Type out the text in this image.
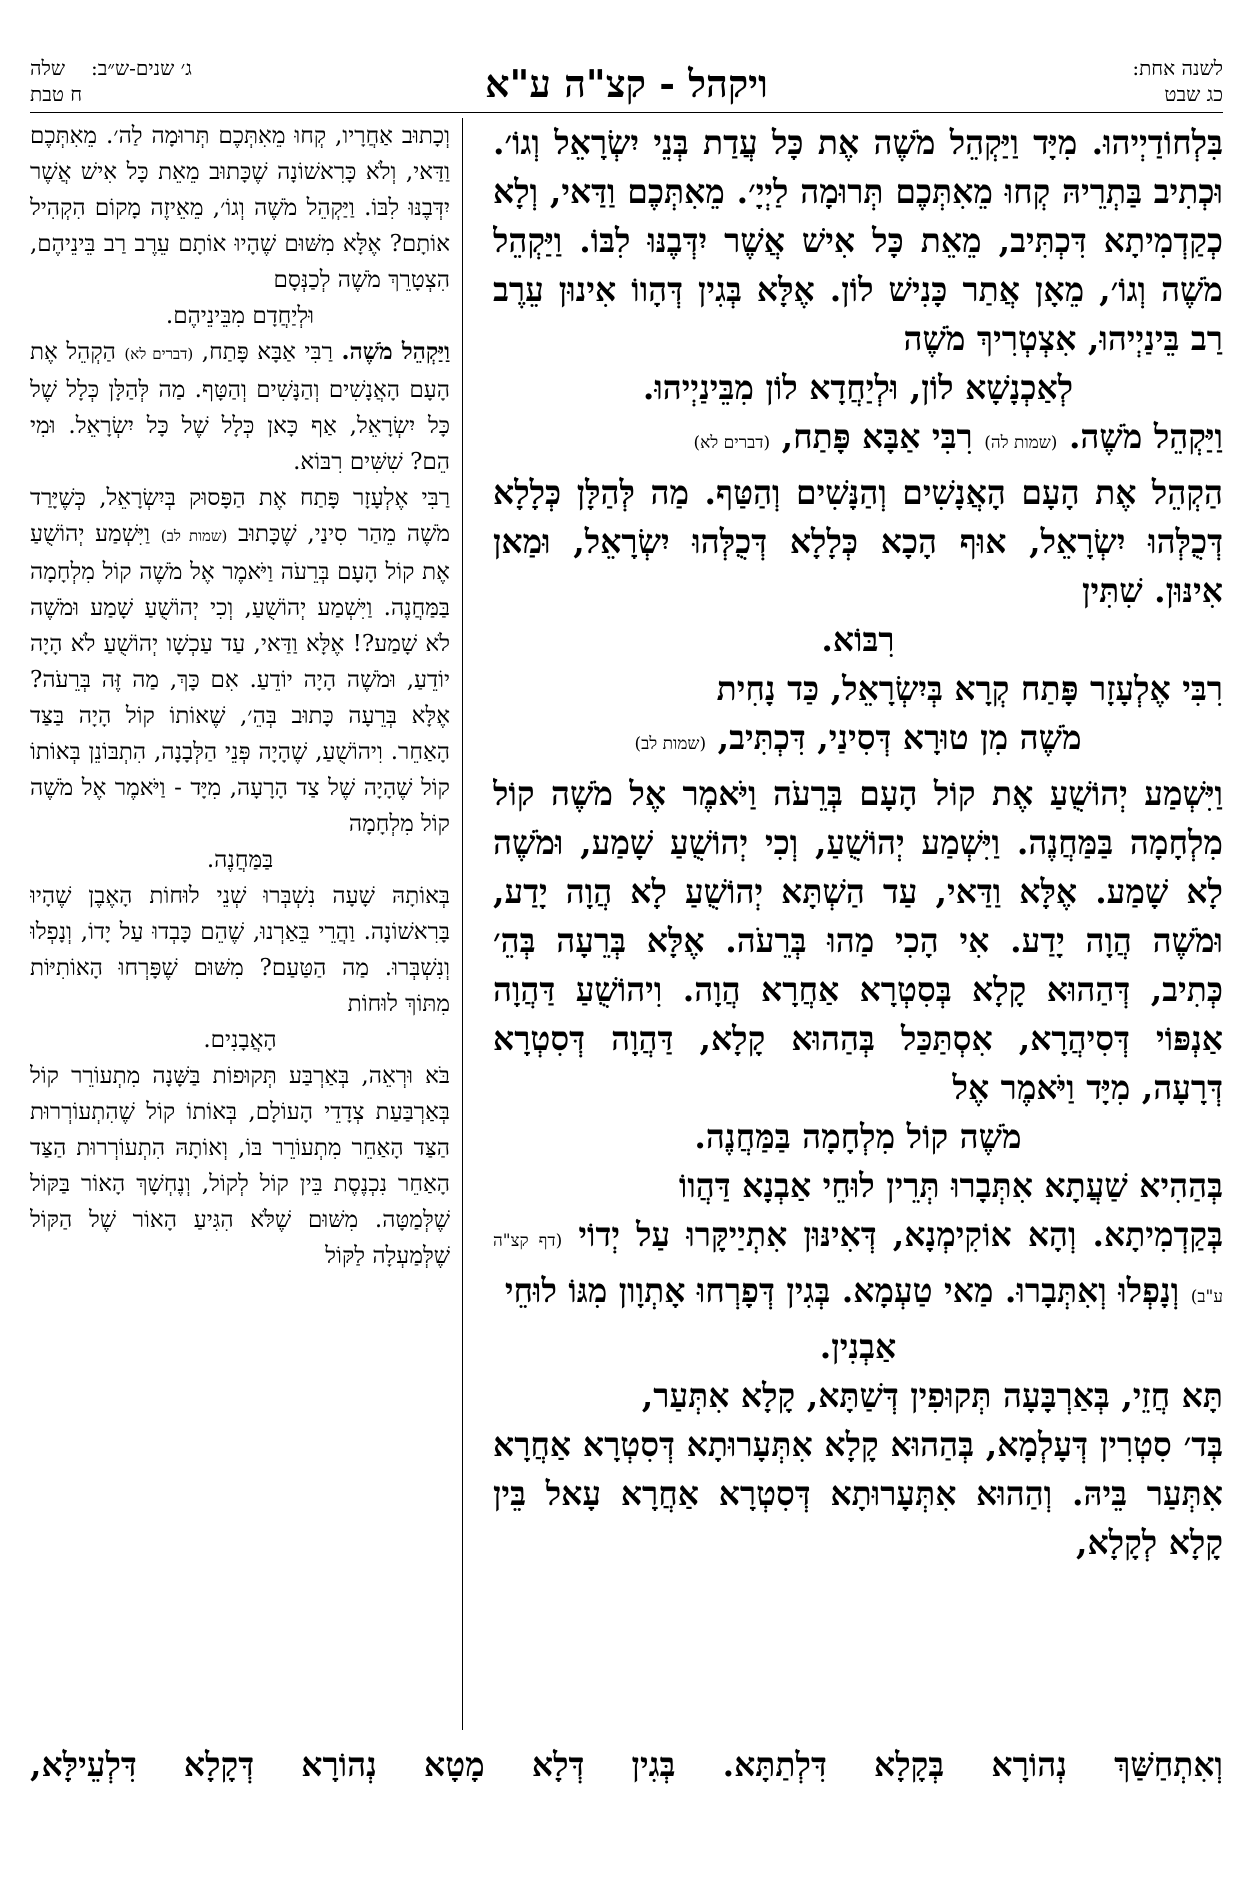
לשנה אחת:
כג שבט
ויקהל - קצ"ה ע"א
ג׳ שנים-ש״ב:
שלה
ח טבת

בִּלְחוֹדַיְיהוּ. מִיָּד וַיַּקְהֵל מֹשֶׁה אֶת כָּל עֲדַת בְּנֵי יִשְׂרָאֵל וְגוֹ׳. וּכְתִיב בַּתְרֵיהּ קְחוּ מֵאִתְּכֶם תְּרוּמָה לַיְיָ׳. מֵאִתְּכֶם וַדַּאי, וְלָא כְקַדְמִיתָא דִּכְתִּיב, מֵאֵת כָּל אִישׁ אֲשֶׁר יִדְּבֶנּוּ לִבּוֹ. וַיַּקְהֵל מֹשֶׁה וְגוֹ׳, מֵאָן אֲתַר כָּנִישׁ לוֹן. אֶלָּא בְּגִין דְּהָווֹ אִינוּן עֵרֶב רַב בֵּינַיְיהוּ, אִצְטְרִיךְ מֹשֶׁה

לְאַכְנָשָׁא לוֹן, וּלְיַחֲדָא לוֹן מִבֵּינַיְיהוּ.

וַיַּקְהֵל מֹשֶׁה. (שמות לה) רִבִּי אַבָּא פָּתַח, (דברים לא)

הַקְהֵל אֶת הָעָם הָאֲנָשִׁים וְהַנָּשִׁים וְהַטַּף. מַה לְּהַלָּן כְּלָלָא דְּכֻלְּהוּ יִשְׂרָאֵל, אוּף הָכָא כְּלָלָא דְּכֻלְּהוּ יִשְׂרָאֵל, וּמַאן אִינּוּן. שִׁתִּין

רִבּוֹא.

רִבִּי אֶלְעָזָר פָּתַח קְרָא בְּיִשְׂרָאֵל, כַּד נָחִית

מֹשֶׁה מִן טוּרָא דְּסִינַי, דִּכְתִּיב, (שמות לב)

וַיִּשְׁמַע יְהוֹשֻׁעַ אֶת קוֹל הָעָם בְּרֵעֹה וַיֹּאמֶר אֶל מֹשֶׁה קוֹל מִלְחָמָה בַּמַּחֲנֶה. וַיִּשְׁמַע יְהוֹשֻׁעַ, וְכִי יְהוֹשֻׁעַ שָׁמַע, וּמֹשֶׁה לָא שָׁמַע. אֶלָּא וַדַּאי, עַד הַשְׁתָּא יְהוֹשֻׁעַ לָא הֲוָה יָדַע, וּמֹשֶׁה הֲוָה יָדַע. אִי הָכִי מַהוּ בְּרֵעֹה. אֶלָּא בְּרֵעָה בְּהֵ׳ כְּתִיב, דְּהַהוּא קָלָא בְּסִטְרָא אַחֲרָא הֲוָה. וִיהוֹשֻׁעַ דַּהֲוָה אַנְפּוֹי דְּסִיהֲרָא, אִסְתַּכַּל בְּהַהוּא קָלָא, דַּהֲוָה דְּסִטְרָא דְּרָעָה, מִיָּד וַיֹּאמֶר אֶל

מֹשֶׁה קוֹל מִלְחָמָה בַּמַּחֲנֶה.

בְּהַהִיא שַׁעֲתָא אִתְּבָרוּ תְּרֵין לוּחֵי אַבְנָא דַּהֲווֹ

בְּקַדְמִיתָא. וְהָא אוֹקִימְנָא, דְּאִינּוּן אִתְיַיקָּרוּ עַל יְדוֹי (דף קצ"ה ע"ב) וְנָפְלוּ וְאִתְּבָרוּ. מַאי טַעְמָא. בְּגִין דְּפָרְחוּ אָתְוָון מִגּוֹ לוּחֵי

אַבְנִין.

תָּא חֲזֵי, בְּאַרְבָּעָה תְּקוּפִין דְּשַׁתָּא, קָלָא אִתְּעַר,

בְּד׳ סִטְרִין דְּעָלְמָא, בְּהַהוּא קָלָא אִתְּעָרוּתָא דְּסִטְרָא אַחֲרָא אִתְּעַר בֵּיהּ. וְהַהוּא אִתְּעָרוּתָא דְּסִטְרָא אַחֲרָא עָאל בֵּין קָלָא לְקָלָא,

וְכָתוּב אַחֲרָיו, קְחוּ מֵאִתְּכֶם תְּרוּמָה לַה׳. מֵאִתְּכֶם וַדַּאי, וְלֹא כָּרִאשׁוֹנָה שֶׁכָּתוּב מֵאֵת כָּל אִישׁ אֲשֶׁר יִדְּבֶנּוּ לִבּוֹ. וַיַּקְהֵל מֹשֶׁה וְגוֹ׳, מֵאֵיזֶה מָקוֹם הִקְהִיל אוֹתָם? אֶלָּא מִשּׁוּם שֶׁהָיוּ אוֹתָם עֵרֶב רַב בֵּינֵיהֶם, הִצְטָרֵךְ מֹשֶׁה לְכַנְּסָם

וּלְיַחֲדָם מִבֵּינֵיהֶם.

וַיַּקְהֵל מֹשֶׁה. רַבִּי אַבָּא פָּתַח, (דברים לא) הַקְהֵל אֶת הָעָם הָאֲנָשִׁים וְהַנָּשִׁים וְהַטָּף. מַה לְּהַלָּן כְּלָל שֶׁל כָּל יִשְׂרָאֵל, אַף כָּאן כְּלָל שֶׁל כָּל יִשְׂרָאֵל. וּמִי הֵם? שִׁשִּׁים רִבּוֹא.

רַבִּי אֶלְעָזָר פָּתַח אֶת הַפָּסוּק בְּיִשְׂרָאֵל, כְּשֶׁיָּרַד מֹשֶׁה מֵהַר סִינַי, שֶׁכָּתוּב (שמות לב) וַיִּשְׁמַע יְהוֹשֻׁעַ אֶת קוֹל הָעָם בְּרֵעֹה וַיֹּאמֶר אֶל מֹשֶׁה קוֹל מִלְחָמָה בַּמַּחֲנֶה. וַיִּשְׁמַע יְהוֹשֻׁעַ, וְכִי יְהוֹשֻׁעַ שָׁמַע וּמֹשֶׁה לֹא שָׁמַע?! אֶלָּא וַדַּאי, עַד עַכְשָׁו יְהוֹשֻׁעַ לֹא הָיָה יוֹדֵעַ, וּמֹשֶׁה הָיָה יוֹדֵעַ. אִם כָּךְ, מַה זֶּה בְּרֵעֹה? אֶלָּא בְּרֵעָה כָּתוּב בְּהֵ׳, שֶׁאוֹתוֹ קוֹל הָיָה בַּצַּד הָאַחֵר. וִיהוֹשֻׁעַ, שֶׁהָיָה פְּנֵי הַלְּבָנָה, הִתְבּוֹנֵן בְּאוֹתוֹ קוֹל שֶׁהָיָה שֶׁל צַד הָרָעָה, מִיָּד - וַיֹּאמֶר אֶל מֹשֶׁה קוֹל מִלְחָמָה

בַּמַּחֲנֶה.

בְּאוֹתָהּ שָׁעָה נִשְׁבְּרוּ שְׁנֵי לוּחוֹת הָאֶבֶן שֶׁהָיוּ בָּרִאשׁוֹנָה. וַהֲרֵי בֵּאַרְנוּ, שֶׁהֵם כָּבְדוּ עַל יָדוֹ, וְנָפְלוּ וְנִשְׁבְּרוּ. מַה הַטַּעַם? מִשּׁוּם שֶׁפָּרְחוּ הָאוֹתִיּוֹת מִתּוֹךְ לוּחוֹת

הָאֲבָנִים.

בֹּא וּרְאֵה, בְּאַרְבַּע תְּקוּפוֹת בַּשָּׁנָה מִתְעוֹרֵר קוֹל בְּאַרְבַּעַת צְדָדֵי הָעוֹלָם, בְּאוֹתוֹ קוֹל שֶׁהִתְעוֹרְרוּת הַצַּד הָאַחֵר מִתְעוֹרֵר בּוֹ, וְאוֹתָהּ הִתְעוֹרְרוּת הַצַּד הָאַחֵר נִכְנֶסֶת בֵּין קוֹל לְקוֹל, וְנֶחְשָׁךְ הָאוֹר בַּקּוֹל שֶׁלְּמַטָּה. מִשּׁוּם שֶׁלֹּא הִגִּיעַ הָאוֹר שֶׁל הַקּוֹל שֶׁלְּמַעְלָה לַקּוֹל

וְאִתְחַשַּׁךְ נְהוֹרָא בְּקָלָא דִּלְתַתָּא. בְּגִין דְּלָא מָטָא נְהוֹרָא דְּקָלָא דִּלְעֵילָּא,
